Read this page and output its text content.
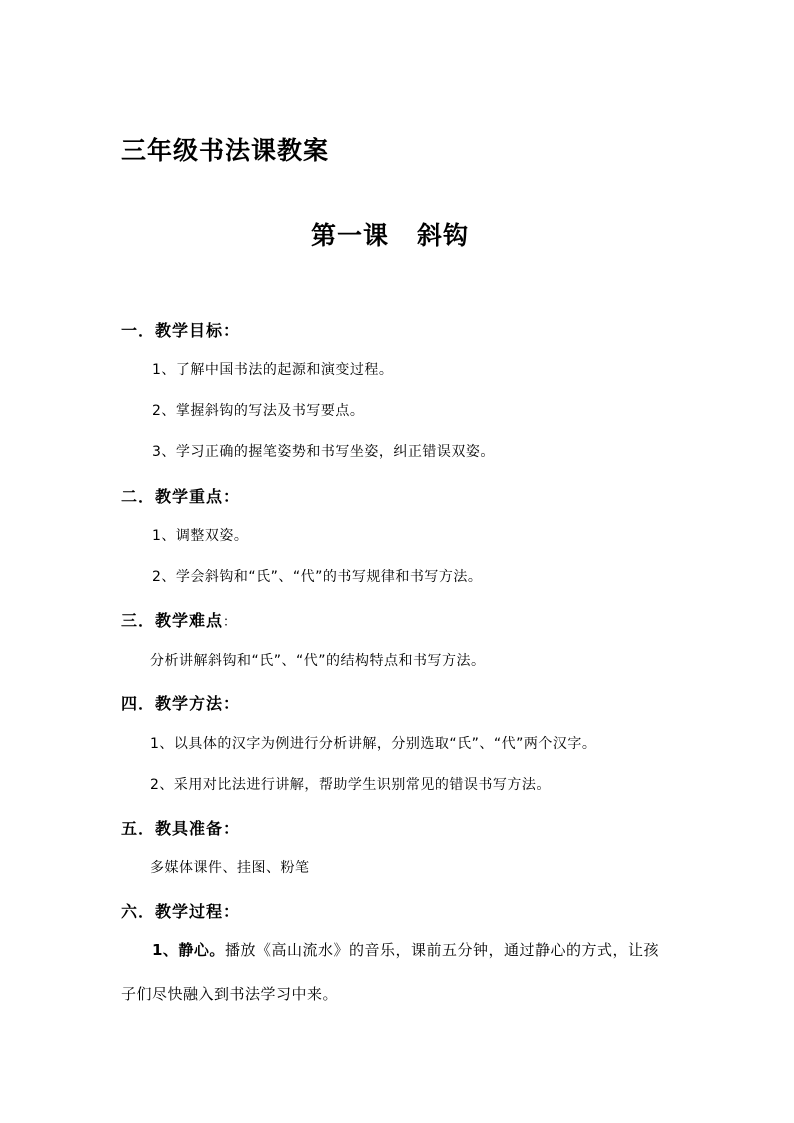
三年级书法课教案
第一课 斜钩
一．教学目标：
1、了解中国书法的起源和演变过程。
2、掌握斜钩的写法及书写要点。
3、学习正确的握笔姿势和书写坐姿，纠正错误双姿。
二．教学重点：
1、调整双姿。
2、学会斜钩和“氏”、“代”的书写规律和书写方法。
三．教学难点：
分析讲解斜钩和“氏”、“代”的结构特点和书写方法。
四．教学方法：
1、以具体的汉字为例进行分析讲解，分别选取“氏”、“代”两个汉字。
2、采用对比法进行讲解，帮助学生识别常见的错误书写方法。
五．教具准备：
多媒体课件、挂图、粉笔
六．教学过程：
1、静心。播放《高山流水》的音乐，课前五分钟，通过静心的方式，让孩
子们尽快融入到书法学习中来。
